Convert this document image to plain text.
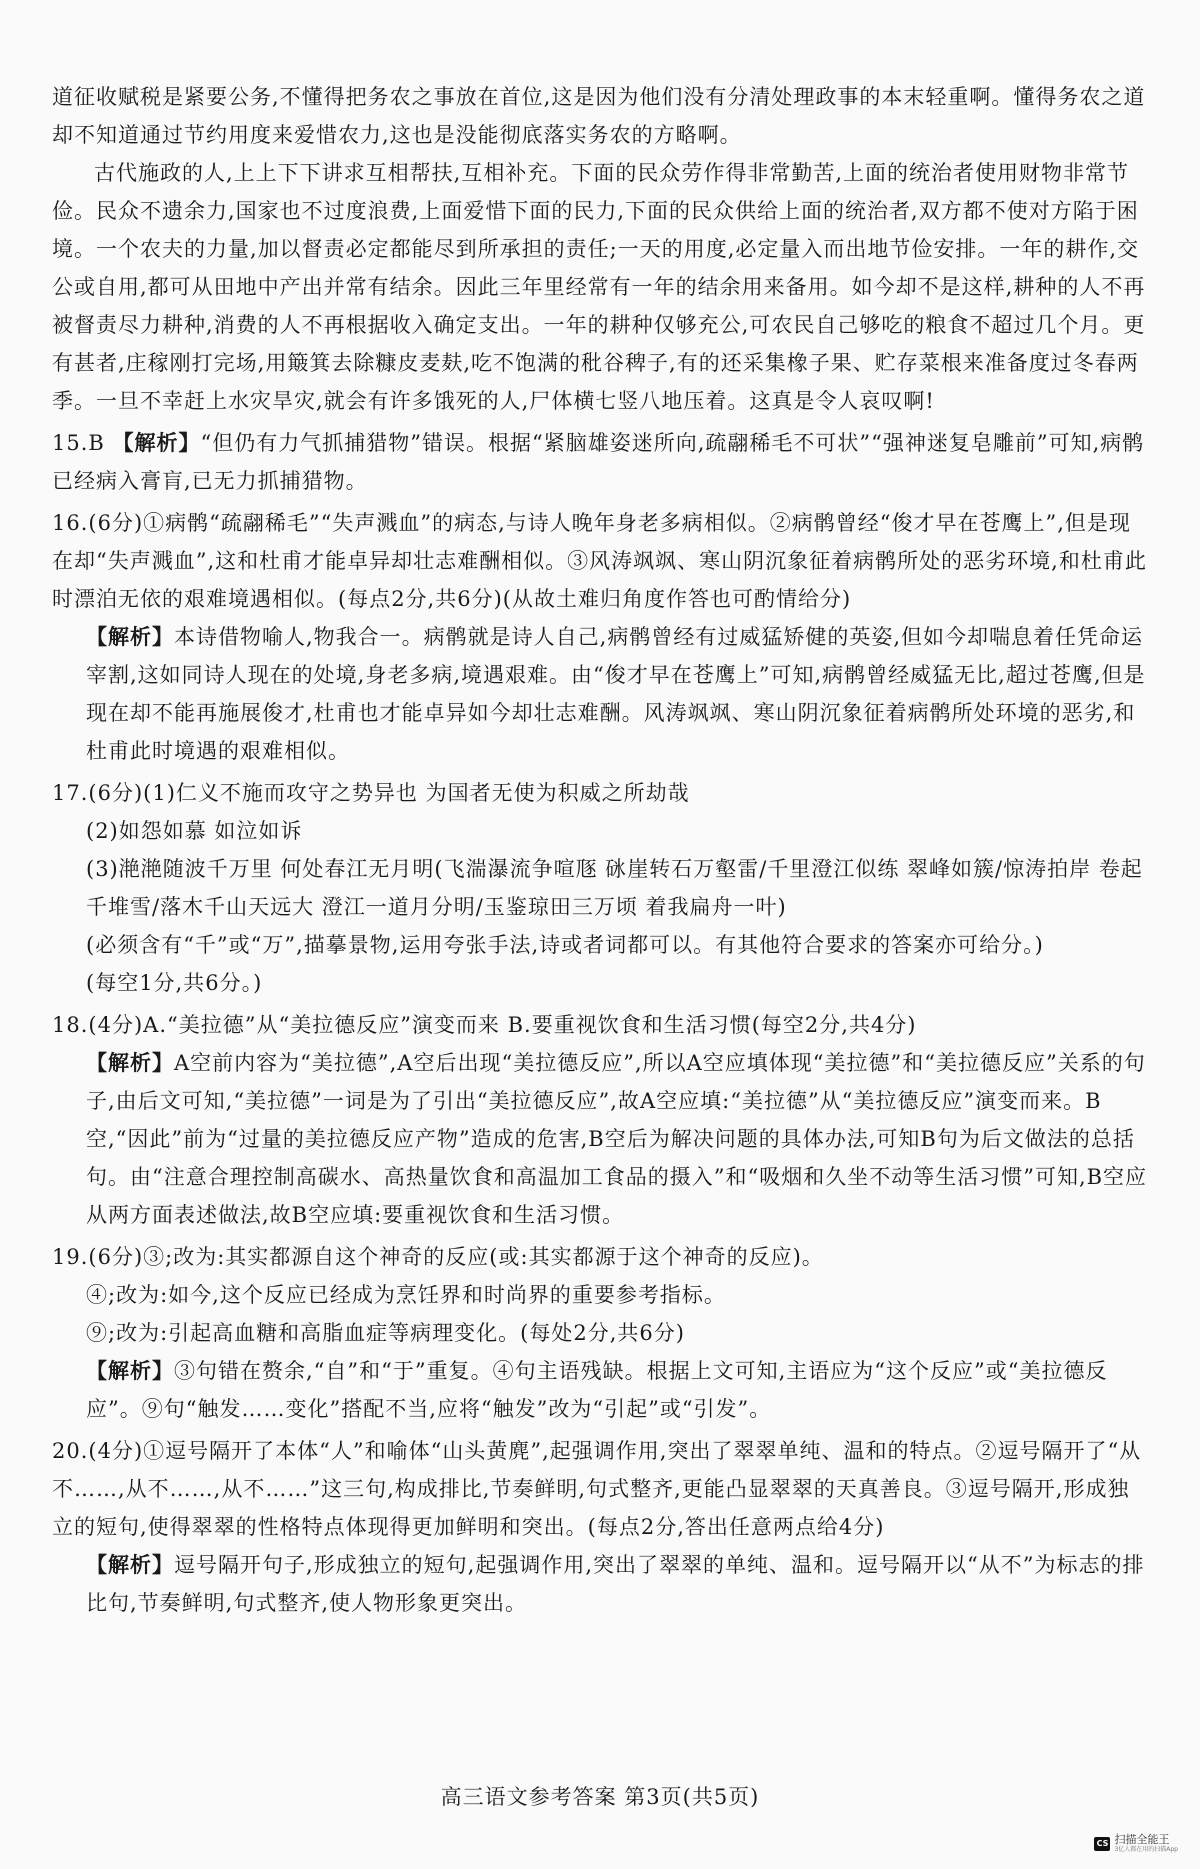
道征收赋税是紧要公务,不懂得把务农之事放在首位,这是因为他们没有分清处理政事的本末轻重啊。懂得务农之道却不知道通过节约用度来爱惜农力,这也是没能彻底落实务农的方略啊。

古代施政的人,上上下下讲求互相帮扶,互相补充。下面的民众劳作得非常勤苦,上面的统治者使用财物非常节俭。民众不遗余力,国家也不过度浪费,上面爱惜下面的民力,下面的民众供给上面的统治者,双方都不使对方陷于困境。一个农夫的力量,加以督责必定都能尽到所承担的责任;一天的用度,必定量入而出地节俭安排。一年的耕作,交公或自用,都可从田地中产出并常有结余。因此三年里经常有一年的结余用来备用。如今却不是这样,耕种的人不再被督责尽力耕种,消费的人不再根据收入确定支出。一年的耕种仅够充公,可农民自己够吃的粮食不超过几个月。更有甚者,庄稼刚打完场,用簸箕去除糠皮麦麸,吃不饱满的秕谷稗子,有的还采集橡子果、贮存菜根来准备度过冬春两季。一旦不幸赶上水灾旱灾,就会有许多饿死的人,尸体横七竖八地压着。这真是令人哀叹啊!

15.B 【解析】“但仍有力气抓捕猎物”错误。根据“紧脑雄姿迷所向,疏翮稀毛不可状”“强神迷复皂雕前”可知,病鹘已经病入膏肓,已无力抓捕猎物。
16.(6分)①病鹘“疏翮稀毛”“失声溅血”的病态,与诗人晚年身老多病相似。②病鹘曾经“俊才早在苍鹰上”,但是现在却“失声溅血”,这和杜甫才能卓异却壮志难酬相似。③风涛飒飒、寒山阴沉象征着病鹘所处的恶劣环境,和杜甫此时漂泊无依的艰难境遇相似。(每点2分,共6分)(从故土难归角度作答也可酌情给分)
【解析】本诗借物喻人,物我合一。病鹘就是诗人自己,病鹘曾经有过威猛矫健的英姿,但如今却喘息着任凭命运宰割,这如同诗人现在的处境,身老多病,境遇艰难。由“俊才早在苍鹰上”可知,病鹘曾经威猛无比,超过苍鹰,但是现在却不能再施展俊才,杜甫也才能卓异如今却壮志难酬。风涛飒飒、寒山阴沉象征着病鹘所处环境的恶劣,和杜甫此时境遇的艰难相似。
17.(6分)(1)仁义不施而攻守之势异也 为国者无使为积威之所劫哉
(2)如怨如慕 如泣如诉
(3)滟滟随波千万里 何处春江无月明(飞湍瀑流争喧豗 砯崖转石万壑雷/千里澄江似练 翠峰如簇/惊涛拍岸 卷起千堆雪/落木千山天远大 澄江一道月分明/玉鉴琼田三万顷 着我扁舟一叶)
(必须含有“千”或“万”,描摹景物,运用夸张手法,诗或者词都可以。有其他符合要求的答案亦可给分。)
(每空1分,共6分。)
18.(4分)A.“美拉德”从“美拉德反应”演变而来 B.要重视饮食和生活习惯(每空2分,共4分)
【解析】A空前内容为“美拉德”,A空后出现“美拉德反应”,所以A空应填体现“美拉德”和“美拉德反应”关系的句子,由后文可知,“美拉德”一词是为了引出“美拉德反应”,故A空应填:“美拉德”从“美拉德反应”演变而来。B空,“因此”前为“过量的美拉德反应产物”造成的危害,B空后为解决问题的具体办法,可知B句为后文做法的总括句。由“注意合理控制高碳水、高热量饮食和高温加工食品的摄入”和“吸烟和久坐不动等生活习惯”可知,B空应从两方面表述做法,故B空应填:要重视饮食和生活习惯。
19.(6分)③;改为:其实都源自这个神奇的反应(或:其实都源于这个神奇的反应)。
④;改为:如今,这个反应已经成为烹饪界和时尚界的重要参考指标。
⑨;改为:引起高血糖和高脂血症等病理变化。(每处2分,共6分)
【解析】③句错在赘余,“自”和“于”重复。④句主语残缺。根据上文可知,主语应为“这个反应”或“美拉德反应”。⑨句“触发……变化”搭配不当,应将“触发”改为“引起”或“引发”。
20.(4分)①逗号隔开了本体“人”和喻体“山头黄麂”,起强调作用,突出了翠翠单纯、温和的特点。②逗号隔开了“从不……,从不……,从不……”这三句,构成排比,节奏鲜明,句式整齐,更能凸显翠翠的天真善良。③逗号隔开,形成独立的短句,使得翠翠的性格特点体现得更加鲜明和突出。(每点2分,答出任意两点给4分)
【解析】逗号隔开句子,形成独立的短句,起强调作用,突出了翠翠的单纯、温和。逗号隔开以“从不”为标志的排比句,节奏鲜明,句式整齐,使人物形象更突出。
高三语文参考答案 第3页(共5页)
CS 扫描全能王
3亿人都在用的扫描App
